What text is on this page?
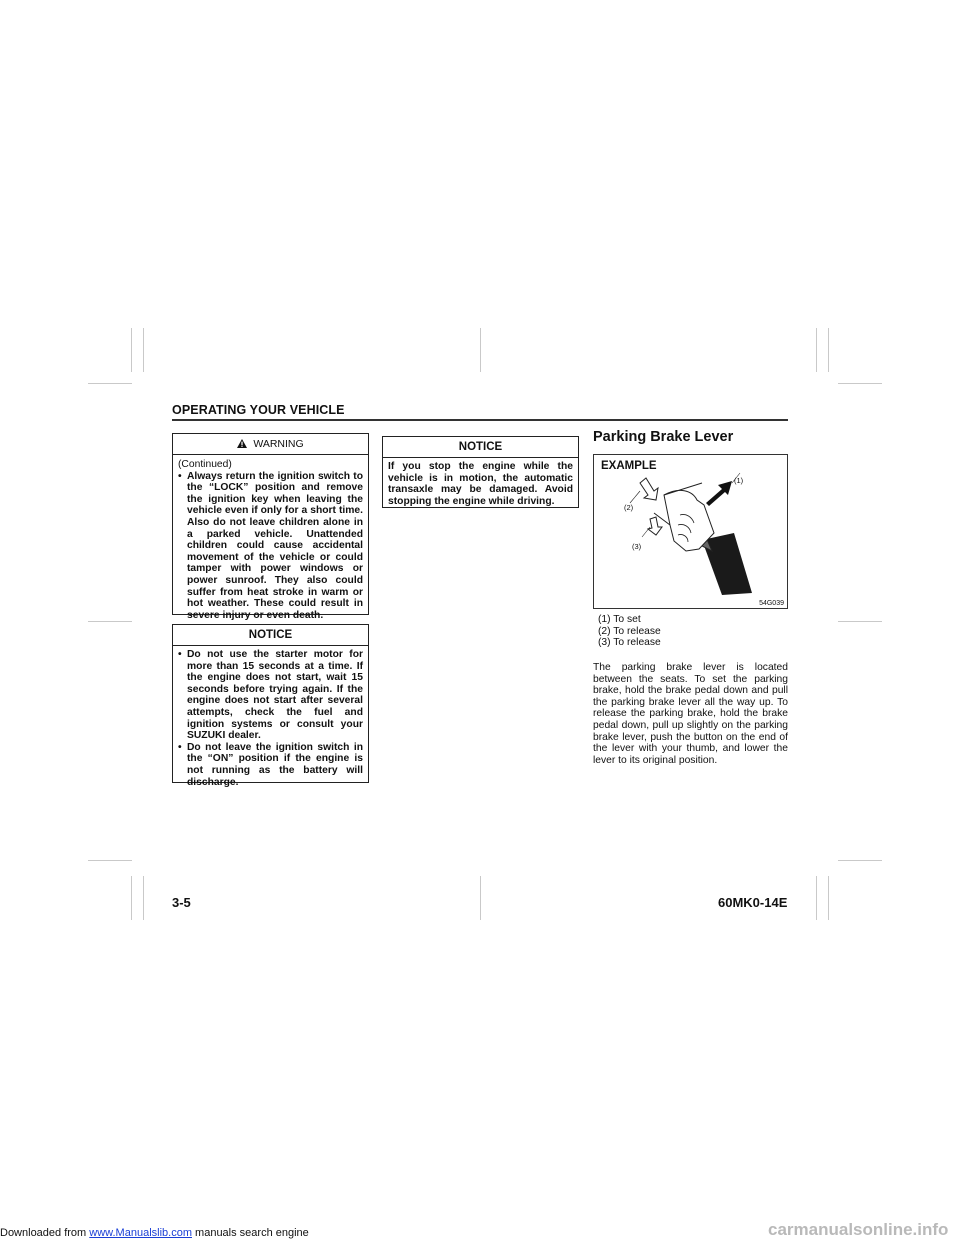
OPERATING YOUR VEHICLE
WARNING
(Continued)
• Always return the ignition switch to the “LOCK” position and remove the ignition key when leaving the vehicle even if only for a short time. Also do not leave children alone in a parked vehicle. Unattended children could cause accidental movement of the vehicle or could tamper with power windows or power sunroof. They also could suffer from heat stroke in warm or hot weather. These could result in severe injury or even death.
NOTICE
• Do not use the starter motor for more than 15 seconds at a time. If the engine does not start, wait 15 seconds before trying again. If the engine does not start after several attempts, check the fuel and ignition systems or consult your SUZUKI dealer.
• Do not leave the ignition switch in the “ON” position if the engine is not running as the battery will discharge.
NOTICE
If you stop the engine while the vehicle is in motion, the automatic transaxle may be damaged. Avoid stopping the engine while driving.
Parking Brake Lever
EXAMPLE
(1)
(2)
(3)
54G039
(1) To set
(2) To release
(3) To release
The parking brake lever is located between the seats. To set the parking brake, hold the brake pedal down and pull the parking brake lever all the way up. To release the parking brake, hold the brake pedal down, pull up slightly on the parking brake lever, push the button on the end of the lever with your thumb, and lower the lever to its original position.
3-5	60MK0-14E
Downloaded from www.Manualslib.com manuals search engine	carmanualsonline.info
